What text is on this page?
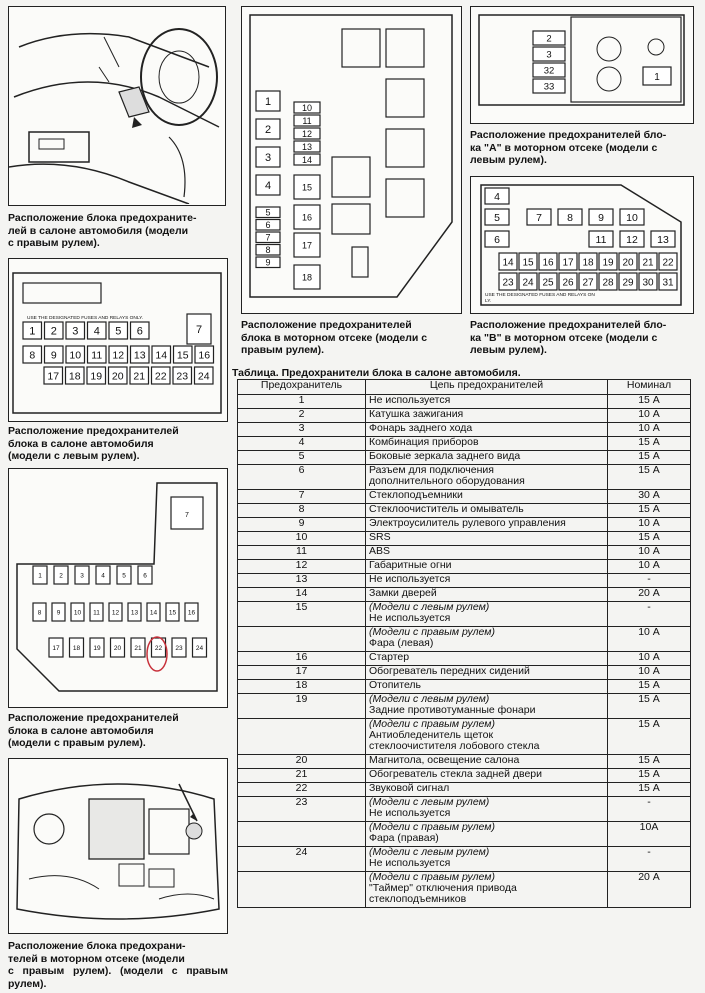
Расположение блока предохраните-
лей в салоне автомобиля (модели
с правым рулем).
USE THE DESIGNATED FUSES AND RELAYS ONLY.
1 2 3 4 5 6	7
8 9 10 11 12 13 14 15 16
17 18 19 20 21 22 23 24
Расположение предохранителей
блока в салоне автомобиля
(модели с левым рулем).
7
1	2	3	4	5	6
8 9 10 11 12 13 14 15 16
17 18 19 20 21 22 23 24
Расположение предохранителей
блока в салоне автомобиля
(модели с правым рулем).
Расположение блока предохрани-
телей в моторном отсеке (модели
с правым рулем). (модели с правым рулем).
1
2
3
4
5
6
7
8
9
10
11
12
13
14
15
16
17
18
Расположение предохранителей
блока в моторном отсеке (модели с
правым рулем).
2
3
32
33
1
Расположение предохранителей бло-
ка "А" в моторном отсеке (модели с
левым рулем).
4
5	7 8 9 10
6	11 12 13
14 15 16 17 18 19 20 21 22
23 24 25 26 27 28 29 30 31
USE THE DESIGNATED FUSES AND RELAYS ON
LY.
Расположение предохранителей бло-
ка "В" в моторном отсеке (модели с
левым рулем).
Таблица. Предохранители блока в салоне автомобиля.
Предохранитель	Цепь предохранителей	Номинал
1	Не используется	15 А
2	Катушка зажигания	10 А
3	Фонарь заднего хода	10 А
4	Комбинация приборов	15 А
5	Боковые зеркала заднего вида	15 А
6	Разъем для подключения
дополнительного оборудования	15 А
7	Стеклоподъемники	30 А
8	Стеклоочиститель и омыватель	15 А
9	Электроусилитель рулевого управления	10 А
10	SRS	15 А
11	ABS	10 А
12	Габаритные огни	10 А
13	Не используется	-
14	Замки дверей	20 А
15	(Модели с левым рулем)
Не используется	-

	(Модели с правым рулем)
Фара (левая)	10 А
16	Стартер	10 А
17	Обогреватель передних сидений	10 А
18	Отопитель	15 А
19	(Модели с левым рулем)
Задние противотуманные фонари	15 А

	(Модели с правым рулем)
Антиобледенитель щеток
стеклоочистителя лобового стекла	15 А
20	Магнитола, освещение салона	15 А
21	Обогреватель стекла задней двери	15 А
22	Звуковой сигнал	15 А
23	(Модели с левым рулем)
Не используется	-

	(Модели с правым рулем)
Фара (правая)	10А
24	(Модели с левым рулем)
Не используется	-

	(Модели с правым рулем)
"Таймер" отключения привода
стеклоподъемников	20 А
